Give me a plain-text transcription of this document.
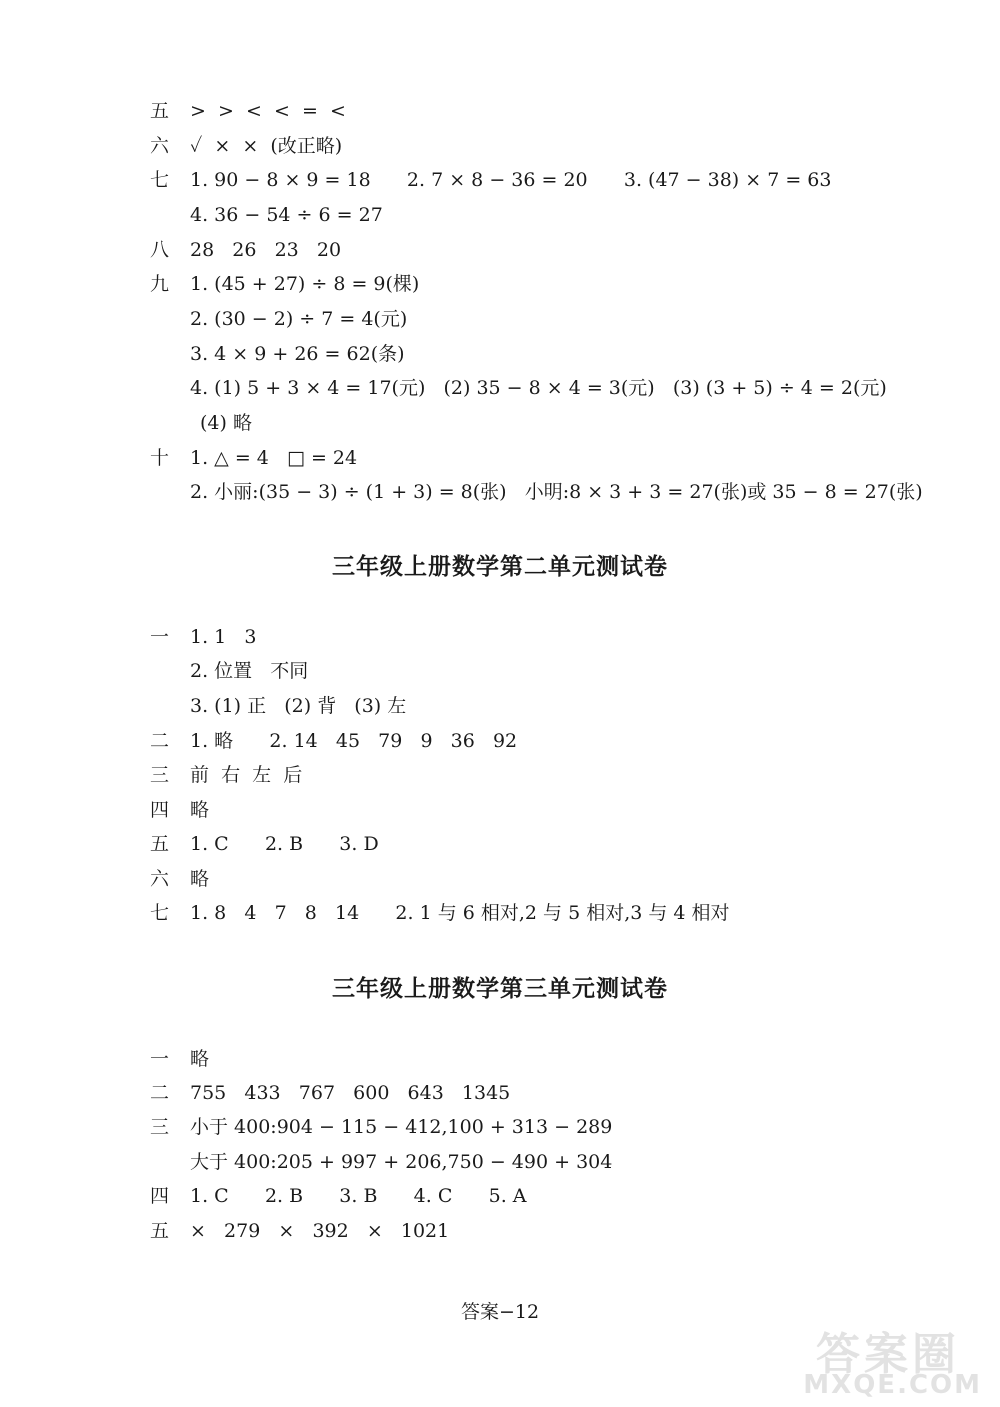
五 >  >  <  <  =  <
六 ✓  ×  ×  (改正略)
七 1. 90 − 8 × 9 = 18      2. 7 × 8 − 36 = 20      3. (47 − 38) × 7 = 63
4. 36 − 54 ÷ 6 = 27
八 28   26   23   20
九 1. (45 + 27) ÷ 8 = 9(棵)
2. (30 − 2) ÷ 7 = 4(元)
3. 4 × 9 + 26 = 62(条)
4. (1) 5 + 3 × 4 = 17(元)   (2) 35 − 8 × 4 = 3(元)   (3) (3 + 5) ÷ 4 = 2(元)
(4) 略
十 1. △ = 4   □ = 24
2. 小丽:(35 − 3) ÷ (1 + 3) = 8(张)   小明:8 × 3 + 3 = 27(张)或 35 − 8 = 27(张)
三年级上册数学第二单元测试卷
一 1. 1   3
2. 位置   不同
3. (1) 正   (2) 背   (3) 左
二 1. 略      2. 14   45   79   9   36   92
三 前  右  左  后
四 略
五 1. C      2. B      3. D
六 略
七 1. 8   4   7   8   14      2. 1 与 6 相对,2 与 5 相对,3 与 4 相对
三年级上册数学第三单元测试卷
一 略
二 755   433   767   600   643   1345
三 小于 400:904 − 115 − 412,100 + 313 − 289
大于 400:205 + 997 + 206,750 − 490 + 304
四 1. C      2. B      3. B      4. C      5. A
五 ×   279   ×   392   ×   1021
答案−12
答案圈
MXQE.COM
